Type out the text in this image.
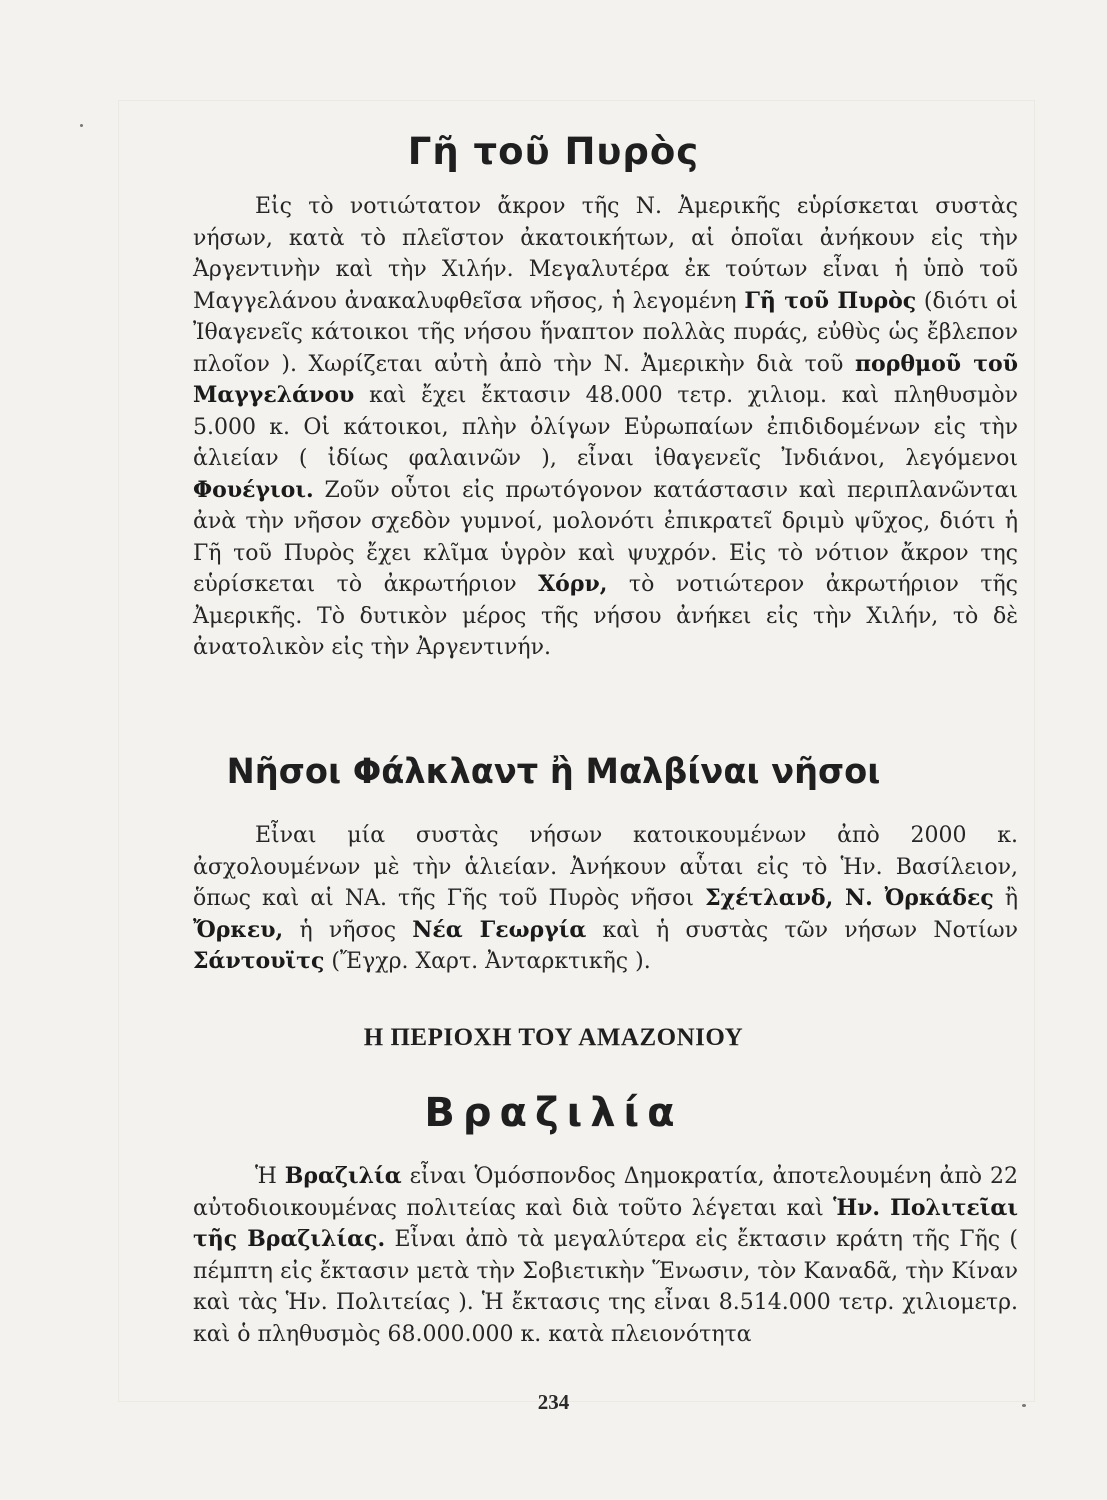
Γῆ τοῦ Πυρὸς
Εἰς τὸ νοτιώτατον ἄκρον τῆς Ν. Ἀμερικῆς εὑρίσκεται συστὰς νήσων, κατὰ τὸ πλεῖστον ἀκατοικήτων, αἱ ὁποῖαι ἀνήκουν εἰς τὴν Ἀργεντινὴν καὶ τὴν Χιλήν. Μεγαλυτέρα ἐκ τούτων εἶναι ἡ ὑπὸ τοῦ Μαγγελάνου ἀνακαλυφθεῖσα νῆσος, ἡ λεγομένη Γῆ τοῦ Πυρὸς (διότι οἱ Ἰθαγενεῖς κάτοικοι τῆς νήσου ἥναπτον πολλὰς πυράς, εὐθὺς ὡς ἔβλεπον πλοῖον ). Χωρίζεται αὐτὴ ἀπὸ τὴν Ν. Ἀμερικὴν διὰ τοῦ πορθμοῦ τοῦ Μαγγελάνου καὶ ἔχει ἔκτασιν 48.000 τετρ. χιλιομ. καὶ πληθυσμὸν 5.000 κ. Οἱ κάτοικοι, πλὴν ὀλίγων Εὐρωπαίων ἐπιδιδομένων εἰς τὴν ἁλιείαν ( ἰδίως φαλαινῶν ), εἶναι ἰθαγενεῖς Ἰνδιάνοι, λεγόμενοι Φουέγιοι. Ζοῦν οὗτοι εἰς πρωτόγονον κατάστασιν καὶ περιπλανῶνται ἀνὰ τὴν νῆσον σχεδὸν γυμνοί, μολονότι ἐπικρατεῖ δριμὺ ψῦχος, διότι ἡ Γῆ τοῦ Πυρὸς ἔχει κλῖμα ὑγρὸν καὶ ψυχρόν. Εἰς τὸ νότιον ἄκρον της εὑρίσκεται τὸ ἀκρωτήριον Χόρν, τὸ νοτιώτερον ἀκρωτήριον τῆς Ἀμερικῆς. Τὸ δυτικὸν μέρος τῆς νήσου ἀνήκει εἰς τὴν Χιλήν, τὸ δὲ ἀνατολικὸν εἰς τὴν Ἀργεντινήν.
Νῆσοι Φάλκλαντ ἢ Μαλβίναι νῆσοι
Εἶναι μία συστὰς νήσων κατοικουμένων ἀπὸ 2000 κ. ἀσχολουμένων μὲ τὴν ἁλιείαν. Ἀνήκουν αὗται εἰς τὸ Ἡν. Βασίλειον, ὅπως καὶ αἱ ΝΑ. τῆς Γῆς τοῦ Πυρὸς νῆσοι Σχέτλανδ, Ν. Ὀρκάδες ἢ Ὄρκευ, ἡ νῆσος Νέα Γεωργία καὶ ἡ συστὰς τῶν νήσων Νοτίων Σάντουϊτς (Ἔγχρ. Χαρτ. Ἀνταρκτικῆς ).
Η ΠΕΡΙΟΧΗ ΤΟΥ ΑΜΑΖΟΝΙΟΥ
Βραζιλία
Ἡ Βραζιλία εἶναι Ὁμόσπονδος Δημοκρατία, ἀποτελουμένη ἀπὸ 22 αὐτοδιοικουμένας πολιτείας καὶ διὰ τοῦτο λέγεται καὶ Ἡν. Πολιτεῖαι τῆς Βραζιλίας. Εἶναι ἀπὸ τὰ μεγαλύτερα εἰς ἔκτασιν κράτη τῆς Γῆς ( πέμπτη εἰς ἔκτασιν μετὰ τὴν Σοβιετικὴν Ἕνωσιν, τὸν Καναδᾶ, τὴν Κίναν καὶ τὰς Ἡν. Πολιτείας ). Ἡ ἔκτασις της εἶναι 8.514.000 τετρ. χιλιομετρ. καὶ ὁ πληθυσμὸς 68.000.000 κ. κατὰ πλειονότητα
234
